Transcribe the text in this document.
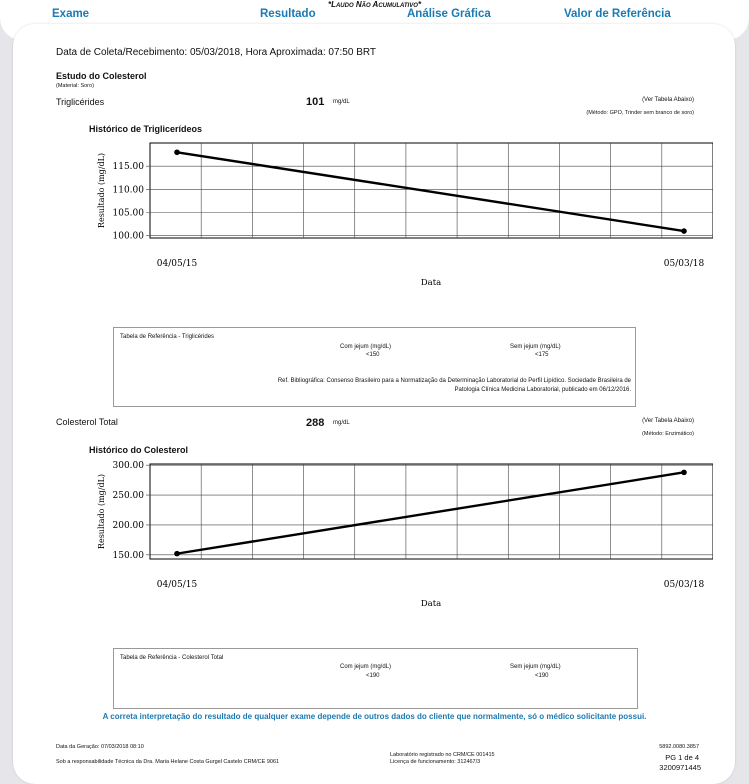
*Laudo Não Acumulativo*
Exame	Resultado	Análise Gráfica	Valor de Referência
Data de Coleta/Recebimento: 05/03/2018, Hora Aproximada: 07:50 BRT
Estudo do Colesterol
(Material: Soro)
Triglicérides	101 mg/dL	(Ver Tabela Abaixo)
(Método: GPO, Trinder sem branco de soro)
Histórico de Triglicerídeos
100.00
105.00
110.00
115.00
04/05/15	05/03/18
Data
Resultado (mg/dL)
Tabela de Referência - Triglicérides
Com jejum (mg/dL)
<150
Sem jejum (mg/dL)
<175
Ref. Bibliográfica: Consenso Brasileiro para a Normatização da Determinação Laboratorial do Perfil Lipídico. Sociedade Brasileira de
Patologia Clínica Medicina Laboratorial, publicado em 06/12/2016.
Colesterol Total	288 mg/dL	(Ver Tabela Abaixo)
(Método: Enzimático)
Histórico do Colesterol
150.00
200.00
250.00
300.00
04/05/15	05/03/18
Data
Resultado (mg/dL)
Tabela de Referência - Colesterol Total
Com jejum (mg/dL)
<190
Sem jejum (mg/dL)
<190
A correta interpretação do resultado de qualquer exame depende de outros dados do cliente que normalmente, só o médico solicitante possui.
Data da Geração: 07/03/2018 08:10
Sob a responsabilidade Técnica da Dra. Maria Helane Costa Gurgel Castelo CRM/CE 9061
Laboratório registrado no CRM/CE 001415
Licença de funcionamento: 312467/3
5892.0080.3857
PG 1 de 4
3200971445
